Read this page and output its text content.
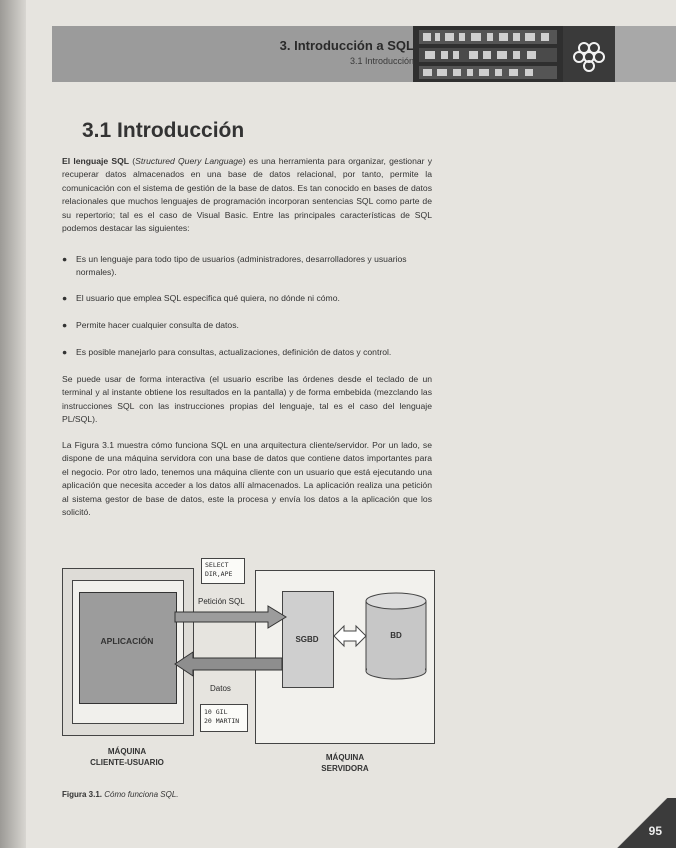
3. Introducción a SQL
3.1 Introducción
3.1 Introducción
El lenguaje SQL (Structured Query Language) es una herramienta para organizar, gestionar y recuperar datos almacenados en una base de datos relacional, por tanto, permite la comunicación con el sistema de gestión de la base de datos. Es tan conocido en bases de datos relacionales que muchos lenguajes de programación incorporan sentencias SQL como parte de su repertorio; tal es el caso de Visual Basic. Entre las principales características de SQL podemos destacar las siguientes:
● Es un lenguaje para todo tipo de usuarios (administradores, desarrolladores y usuarios normales).
● El usuario que emplea SQL especifica qué quiera, no dónde ni cómo.
● Permite hacer cualquier consulta de datos.
● Es posible manejarlo para consultas, actualizaciones, definición de datos y control.
Se puede usar de forma interactiva (el usuario escribe las órdenes desde el teclado de un terminal y al instante obtiene los resultados en la pantalla) y de forma embebida (mezclando las instrucciones SQL con las instrucciones propias del lenguaje, tal es el caso del lenguaje PL/SQL).
La Figura 3.1 muestra cómo funciona SQL en una arquitectura cliente/servidor. Por un lado, se dispone de una máquina servidora con una base de datos que contiene datos importantes para el negocio. Por otro lado, tenemos una máquina cliente con un usuario que está ejecutando una aplicación que necesita acceder a los datos allí almacenados. La aplicación realiza una petición al sistema gestor de base de datos, este la procesa y envía los datos a la aplicación que los solicitó.
APLICACIÓN	SGBD
SELECT
DIR,APE
Petición SQL
Datos
10 GIL
20 MARTIN
BD
MÁQUINA
CLIENTE-USUARIO
MÁQUINA
SERVIDORA
Figura 3.1. Cómo funciona SQL.
95
